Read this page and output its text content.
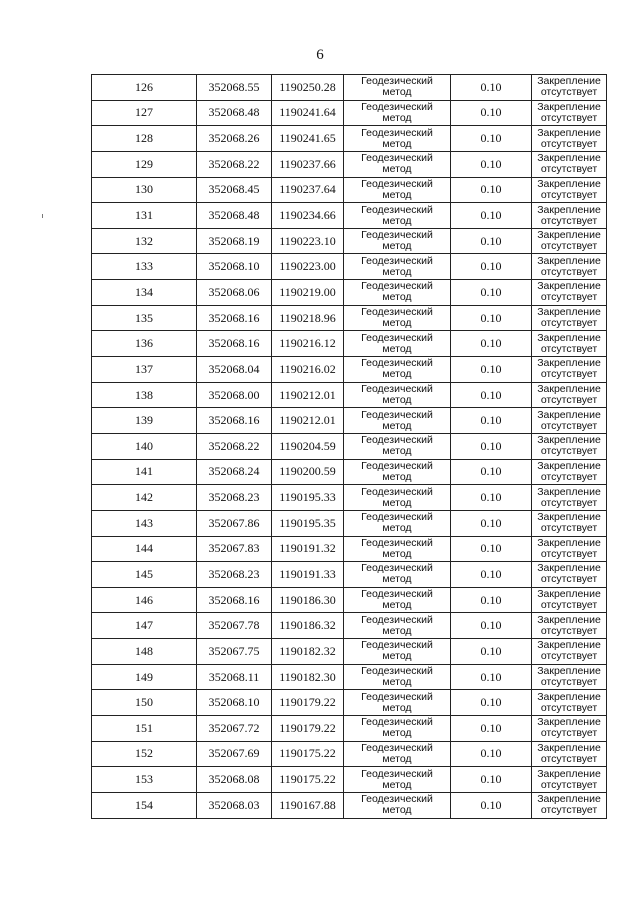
6
126	352068.55	1190250.28	Геодезический
метод	0.10	Закрепление
отсутствует

127	352068.48	1190241.64	Геодезический
метод	0.10	Закрепление
отсутствует

128	352068.26	1190241.65	Геодезический
метод	0.10	Закрепление
отсутствует

129	352068.22	1190237.66	Геодезический
метод	0.10	Закрепление
отсутствует

130	352068.45	1190237.64	Геодезический
метод	0.10	Закрепление
отсутствует

131	352068.48	1190234.66	Геодезический
метод	0.10	Закрепление
отсутствует

132	352068.19	1190223.10	Геодезический
метод	0.10	Закрепление
отсутствует

133	352068.10	1190223.00	Геодезический
метод	0.10	Закрепление
отсутствует

134	352068.06	1190219.00	Геодезический
метод	0.10	Закрепление
отсутствует

135	352068.16	1190218.96	Геодезический
метод	0.10	Закрепление
отсутствует

136	352068.16	1190216.12	Геодезический
метод	0.10	Закрепление
отсутствует

137	352068.04	1190216.02	Геодезический
метод	0.10	Закрепление
отсутствует

138	352068.00	1190212.01	Геодезический
метод	0.10	Закрепление
отсутствует

139	352068.16	1190212.01	Геодезический
метод	0.10	Закрепление
отсутствует

140	352068.22	1190204.59	Геодезический
метод	0.10	Закрепление
отсутствует

141	352068.24	1190200.59	Геодезический
метод	0.10	Закрепление
отсутствует

142	352068.23	1190195.33	Геодезический
метод	0.10	Закрепление
отсутствует

143	352067.86	1190195.35	Геодезический
метод	0.10	Закрепление
отсутствует

144	352067.83	1190191.32	Геодезический
метод	0.10	Закрепление
отсутствует

145	352068.23	1190191.33	Геодезический
метод	0.10	Закрепление
отсутствует

146	352068.16	1190186.30	Геодезический
метод	0.10	Закрепление
отсутствует

147	352067.78	1190186.32	Геодезический
метод	0.10	Закрепление
отсутствует

148	352067.75	1190182.32	Геодезический
метод	0.10	Закрепление
отсутствует

149	352068.11	1190182.30	Геодезический
метод	0.10	Закрепление
отсутствует

150	352068.10	1190179.22	Геодезический
метод	0.10	Закрепление
отсутствует

151	352067.72	1190179.22	Геодезический
метод	0.10	Закрепление
отсутствует

152	352067.69	1190175.22	Геодезический
метод	0.10	Закрепление
отсутствует

153	352068.08	1190175.22	Геодезический
метод	0.10	Закрепление
отсутствует

154	352068.03	1190167.88	Геодезический
метод	0.10	Закрепление
отсутствует
